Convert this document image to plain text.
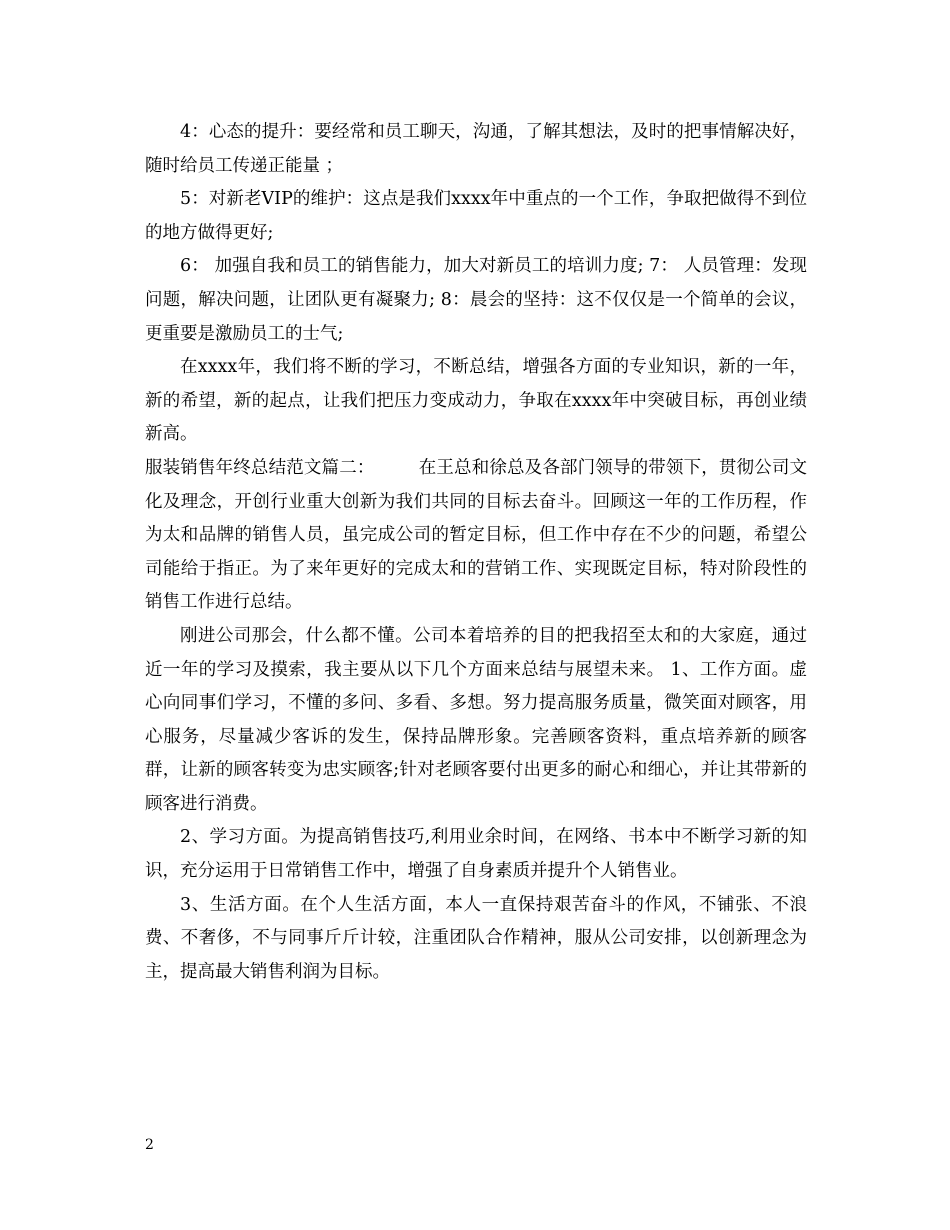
4：心态的提升：要经常和员工聊天，沟通，了解其想法，及时的把事情解决好，随时给员工传递正能量 ；

5：对新老VIP的维护：这点是我们xxxx年中重点的一个工作，争取把做得不到位的地方做得更好;

6： 加强自我和员工的销售能力，加大对新员工的培训力度; 7： 人员管理：发现问题，解决问题，让团队更有凝聚力; 8：晨会的坚持：这不仅仅是一个简单的会议，更重要是激励员工的士气;

在xxxx年，我们将不断的学习，不断总结，增强各方面的专业知识，新的一年，新的希望，新的起点，让我们把压力变成动力，争取在xxxx年中突破目标，再创业绩新高。

服装销售年终总结范文篇二：　　　在王总和徐总及各部门领导的带领下，贯彻公司文化及理念，开创行业重大创新为我们共同的目标去奋斗。回顾这一年的工作历程，作为太和品牌的销售人员，虽完成公司的暂定目标，但工作中存在不少的问题，希望公司能给于指正。为了来年更好的完成太和的营销工作、实现既定目标，特对阶段性的销售工作进行总结。

刚进公司那会，什么都不懂。公司本着培养的目的把我招至太和的大家庭，通过近一年的学习及摸索，我主要从以下几个方面来总结与展望未来。 1、工作方面。虚心向同事们学习，不懂的多问、多看、多想。努力提高服务质量，微笑面对顾客，用心服务，尽量减少客诉的发生，保持品牌形象。完善顾客资料，重点培养新的顾客群，让新的顾客转变为忠实顾客;针对老顾客要付出更多的耐心和细心，并让其带新的顾客进行消费。

2、学习方面。为提高销售技巧,利用业余时间，在网络、书本中不断学习新的知识，充分运用于日常销售工作中，增强了自身素质并提升个人销售业。

3、生活方面。在个人生活方面，本人一直保持艰苦奋斗的作风，不铺张、不浪费、不奢侈，不与同事斤斤计较，注重团队合作精神，服从公司安排，以创新理念为主，提高最大销售利润为目标。

2
